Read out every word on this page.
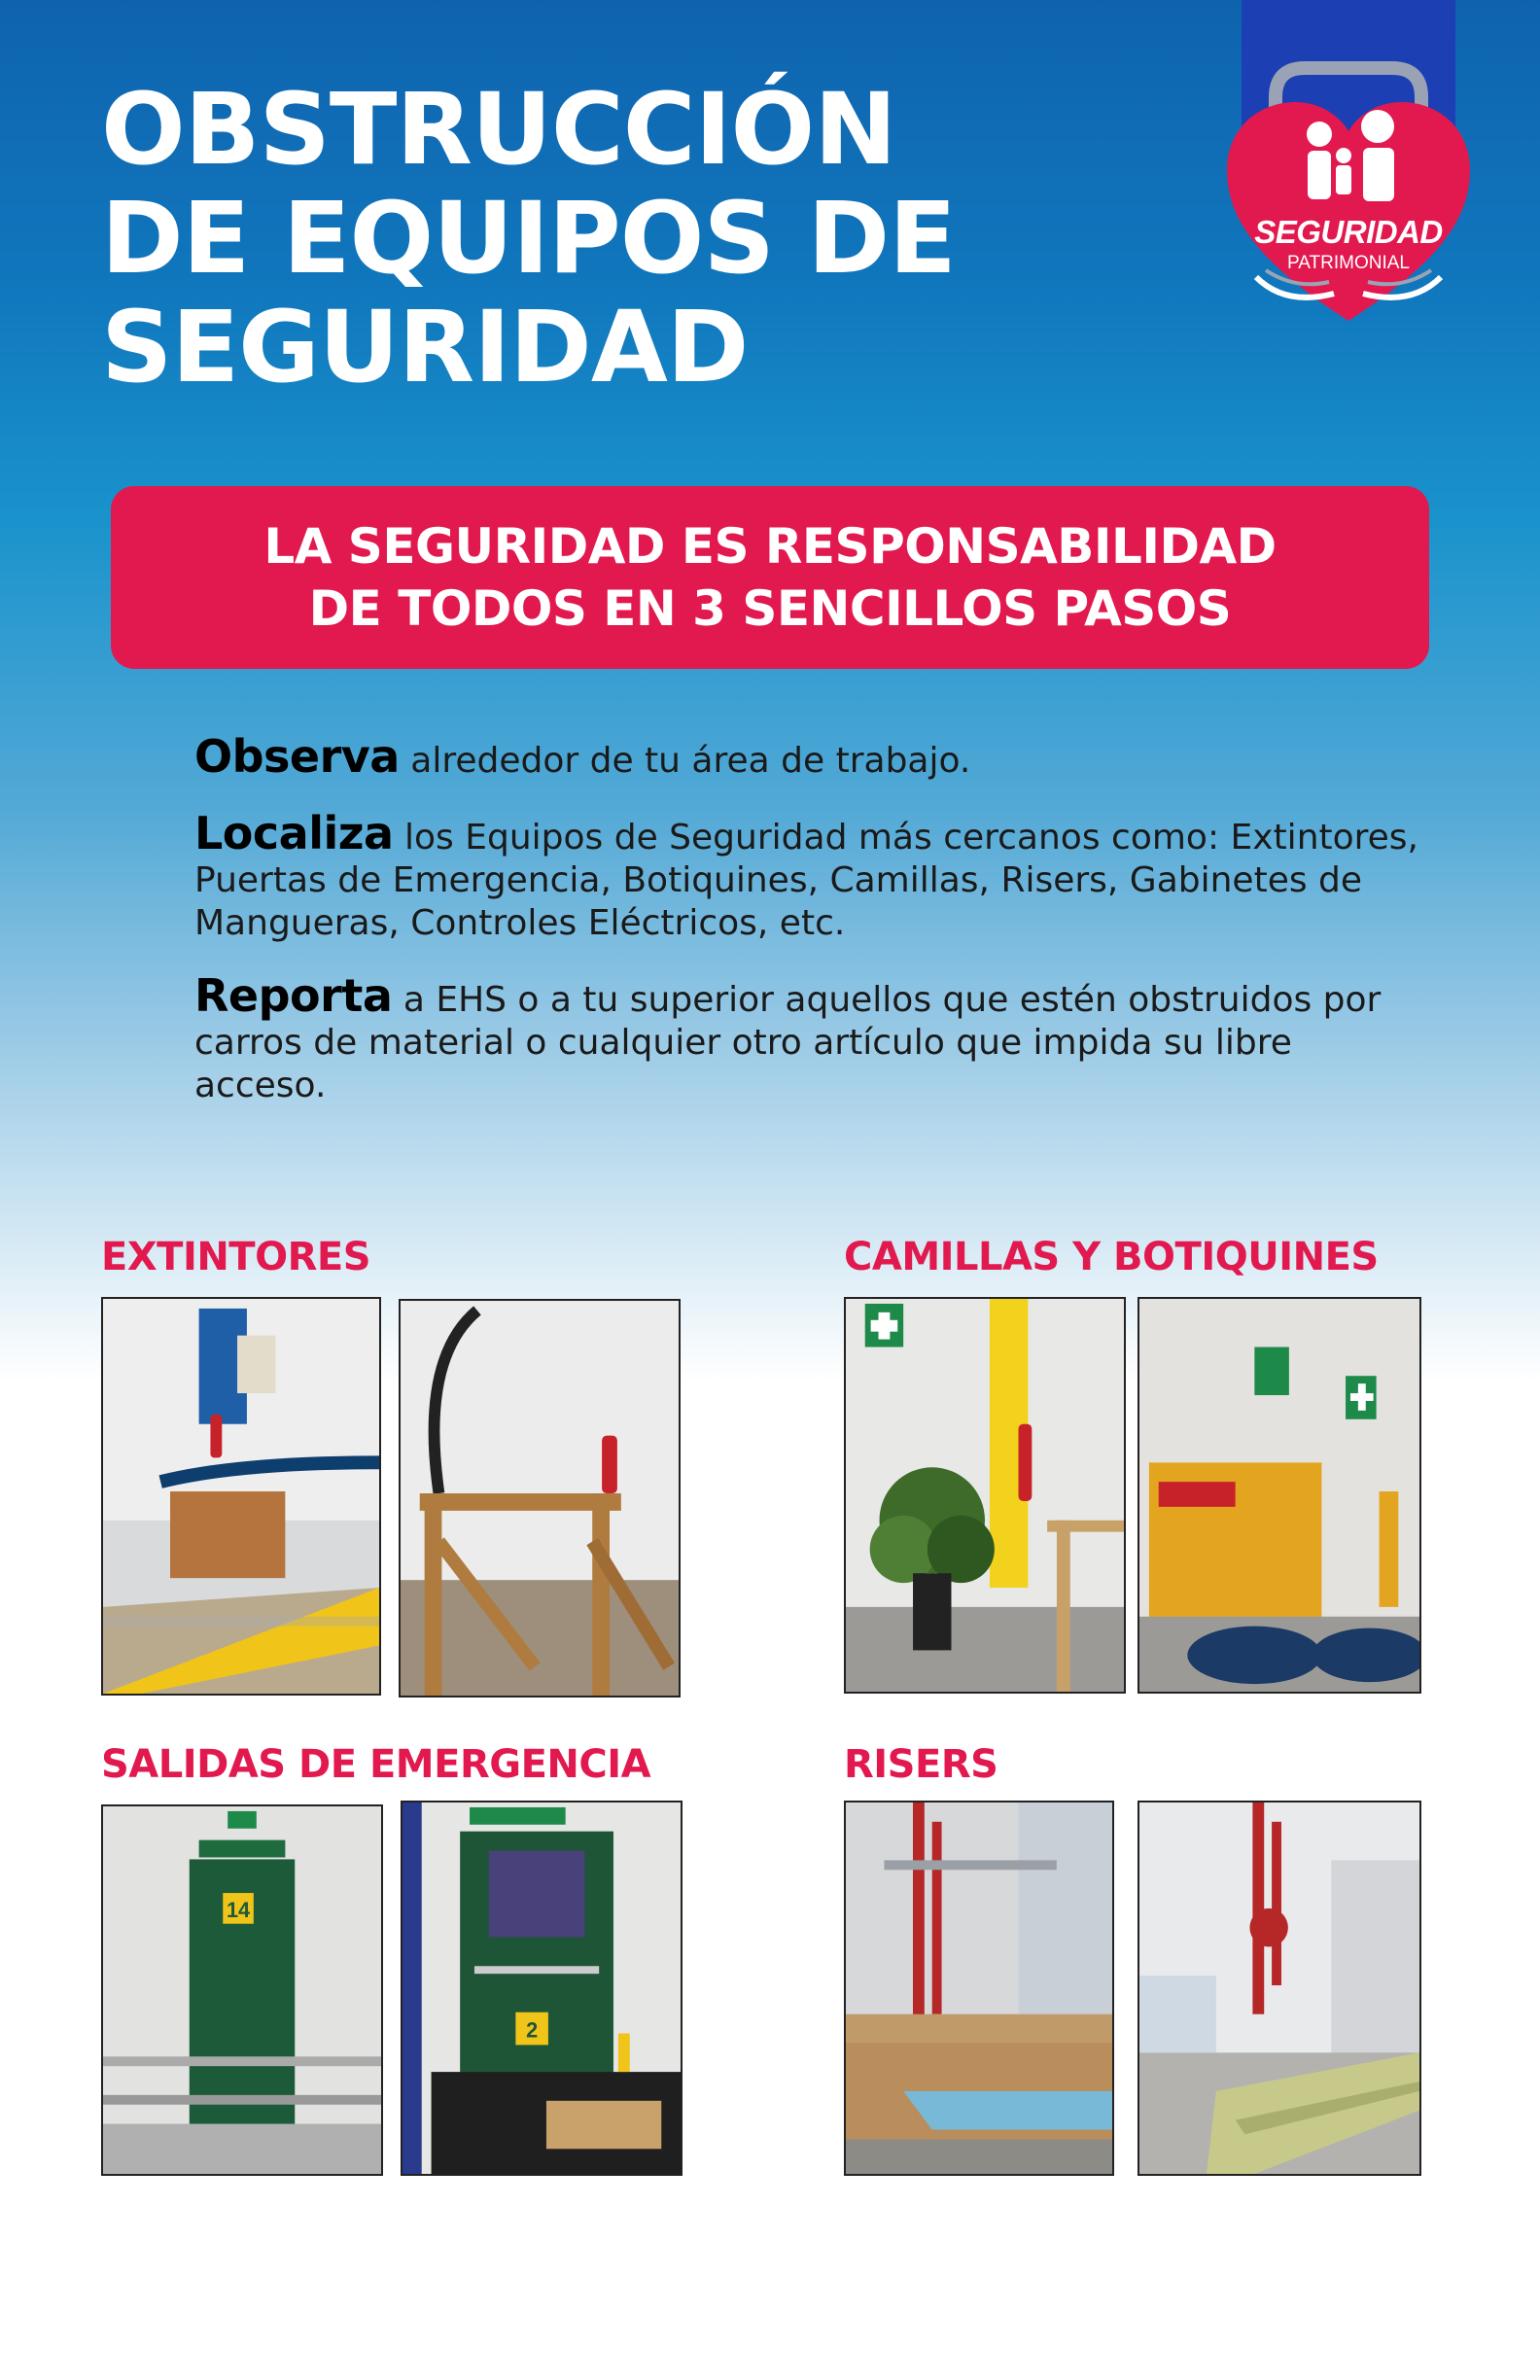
OBSTRUCCIÓN
DE EQUIPOS DE
SEGURIDAD
SEGURIDAD
PATRIMONIAL
LA SEGURIDAD ES RESPONSABILIDAD
DE TODOS EN 3 SENCILLOS PASOS

Observa alrededor de tu área de trabajo.

Localiza los Equipos de Seguridad más cercanos como: Extintores, Puertas de Emergencia, Botiquines, Camillas, Risers, Gabinetes de Mangueras, Controles Eléctricos, etc.

Reporta a EHS o a tu superior aquellos que estén obstruidos por carros de material o cualquier otro artículo que impida su libre acceso.

EXTINTORES	CAMILLAS Y BOTIQUINES
SALIDAS DE EMERGENCIA
14
2
RISERS
